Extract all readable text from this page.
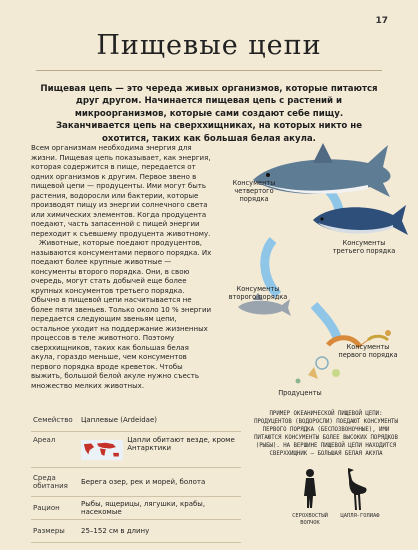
17
Пищевые цепи
Пищевая цепь — это череда живых организмов, которые питаются друг другом. Начинается пищевая цепь с растений и микроорганизмов, которые сами создают себе пищу. Заканчивается цепь на сверххищниках, на которых никто не охотится, таких как большая белая акула.

Всем организмам необходима энергия для жизни. Пищевая цепь показывает, как энергия, которая содержится в пище, передается от одних организмов к другим. Первое звено в пищевой цепи — продуценты. Ими могут быть растения, водоросли или бактерии, которые производят пищу из энергии солнечного света или химических элементов. Когда продуцента поедают, часть запасенной с пищей энергии переходит к съевшему продуцента животному.

Животные, которые поедают продуцентов, называются консументами первого порядка. Их поедают более крупные животные — консументы второго порядка. Они, в свою очередь, могут стать добычей еще более крупных консументов третьего порядка. Обычно в пищевой цепи насчитывается не более пяти звеньев. Только около 10 % энергии передается следующим звеньям цепи, остальное уходит на поддержание жизненных процессов в теле животного. Поэтому сверххищников, таких как большая белая акула, гораздо меньше, чем консументов первого порядка вроде креветок. Чтобы выжить, большой белой акуле нужно съесть множество мелких животных.

Консументы четвертого порядка
Консументы третьего порядка
Консументы второго порядка
Консументы первого порядка
Продуценты
ПРИМЕР ОКЕАНИЧЕСКОЙ ПИЩЕВОЙ ЦЕПИ: ПРОДУЦЕНТОВ (ВОДОРОСЛИ) ПОЕДАЮТ КОНСУМЕНТЫ ПЕРВОГО ПОРЯДКА (БЕСПОЗВОНОЧНЫЕ), ИМИ ПИТАЮТСЯ КОНСУМЕНТЫ БОЛЕЕ ВЫСОКИХ ПОРЯДКОВ (РЫБЫ). НА ВЕРШИНЕ ПИЩЕВОЙ ЦЕПИ НАХОДИТСЯ СВЕРХХИЩНИК — БОЛЬШАЯ БЕЛАЯ АКУЛА
Семейство	Цаплевые (Ardeidae)
Ареал	Цапли обитают везде, кроме Антарктики
Среда обитания	Берега озер, рек и морей, болота
Рацион	Рыбы, ящерицы, лягушки, крабы, насекомые
Размеры	25–152 см в длину
СЕРОХВОСТЫЙ ВОЛЧОК
ЦАПЛЯ-ГОЛИАФ
